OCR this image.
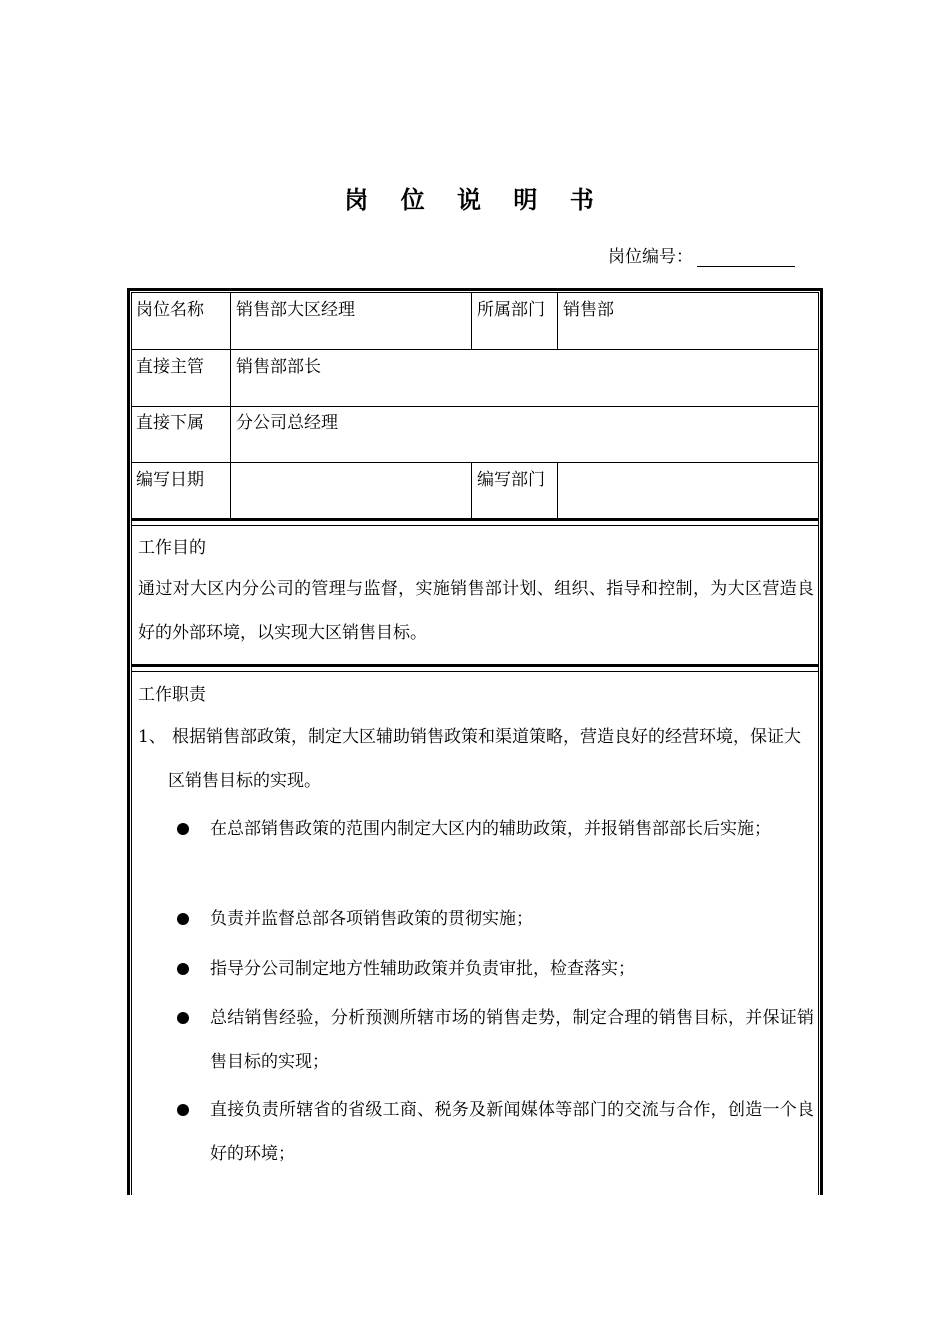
岗 位 说 明 书
岗位编号：
岗位名称 销售部大区经理	所属部门 销售部
直接主管 销售部部长
直接下属 分公司总经理
编写日期	编写部门
工作目的
通过对大区内分公司的管理与监督，实施销售部计划、组织、指导和控制，为大区营造良好的外部环境，以实现大区销售目标。
工作职责
1、 根据销售部政策，制定大区辅助销售政策和渠道策略，营造良好的经营环境，保证大区销售目标的实现。
在总部销售政策的范围内制定大区内的辅助政策，并报销售部部长后实施；
负责并监督总部各项销售政策的贯彻实施；
指导分公司制定地方性辅助政策并负责审批，检查落实；
总结销售经验，分析预测所辖市场的销售走势，制定合理的销售目标，并保证销售目标的实现；
直接负责所辖省的省级工商、税务及新闻媒体等部门的交流与合作，创造一个良好的环境；
